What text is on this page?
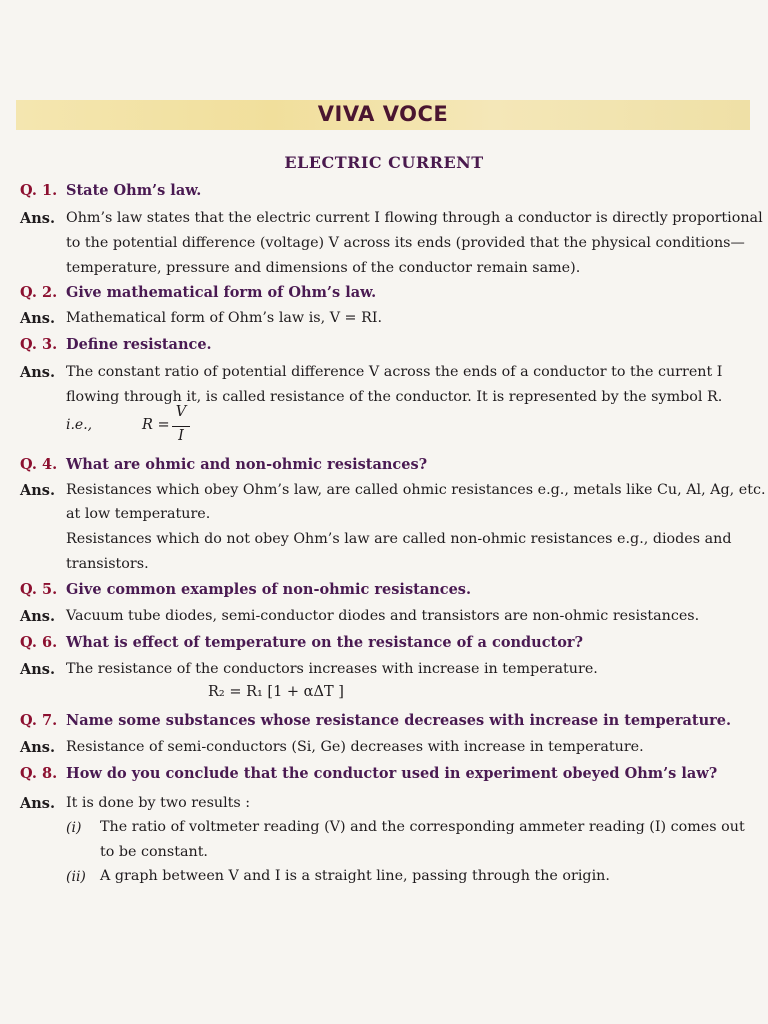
VIVA VOCE
ELECTRIC CURRENT
Q. 1. State Ohm’s law.
Ans. Ohm’s law states that the electric current I flowing through a conductor is directly proportional
to the potential difference (voltage) V across its ends (provided that the physical conditions—
temperature, pressure and dimensions of the conductor remain same).
Q. 2. Give mathematical form of Ohm’s law.
Ans. Mathematical form of Ohm’s law is, V = RI.
Q. 3. Define resistance.
Ans. The constant ratio of potential difference V across the ends of a conductor to the current I
flowing through it, is called resistance of the conductor. It is represented by the symbol R.
i.e.,	R =
V
I
Q. 4. What are ohmic and non-ohmic resistances?
Ans. Resistances which obey Ohm’s law, are called ohmic resistances e.g., metals like Cu, Al, Ag, etc.
at low temperature.
Resistances which do not obey Ohm’s law are called non-ohmic resistances e.g., diodes and
transistors.
Q. 5. Give common examples of non-ohmic resistances.
Ans. Vacuum tube diodes, semi-conductor diodes and transistors are non-ohmic resistances.
Q. 6. What is effect of temperature on the resistance of a conductor?
Ans. The resistance of the conductors increases with increase in temperature.
R₂ = R₁ [1 + αΔT ]
Q. 7. Name some substances whose resistance decreases with increase in temperature.
Ans. Resistance of semi-conductors (Si, Ge) decreases with increase in temperature.
Q. 8. How do you conclude that the conductor used in experiment obeyed Ohm’s law?
Ans. It is done by two results :
(i) The ratio of voltmeter reading (V) and the corresponding ammeter reading (I) comes out
to be constant.
(ii) A graph between V and I is a straight line, passing through the origin.
